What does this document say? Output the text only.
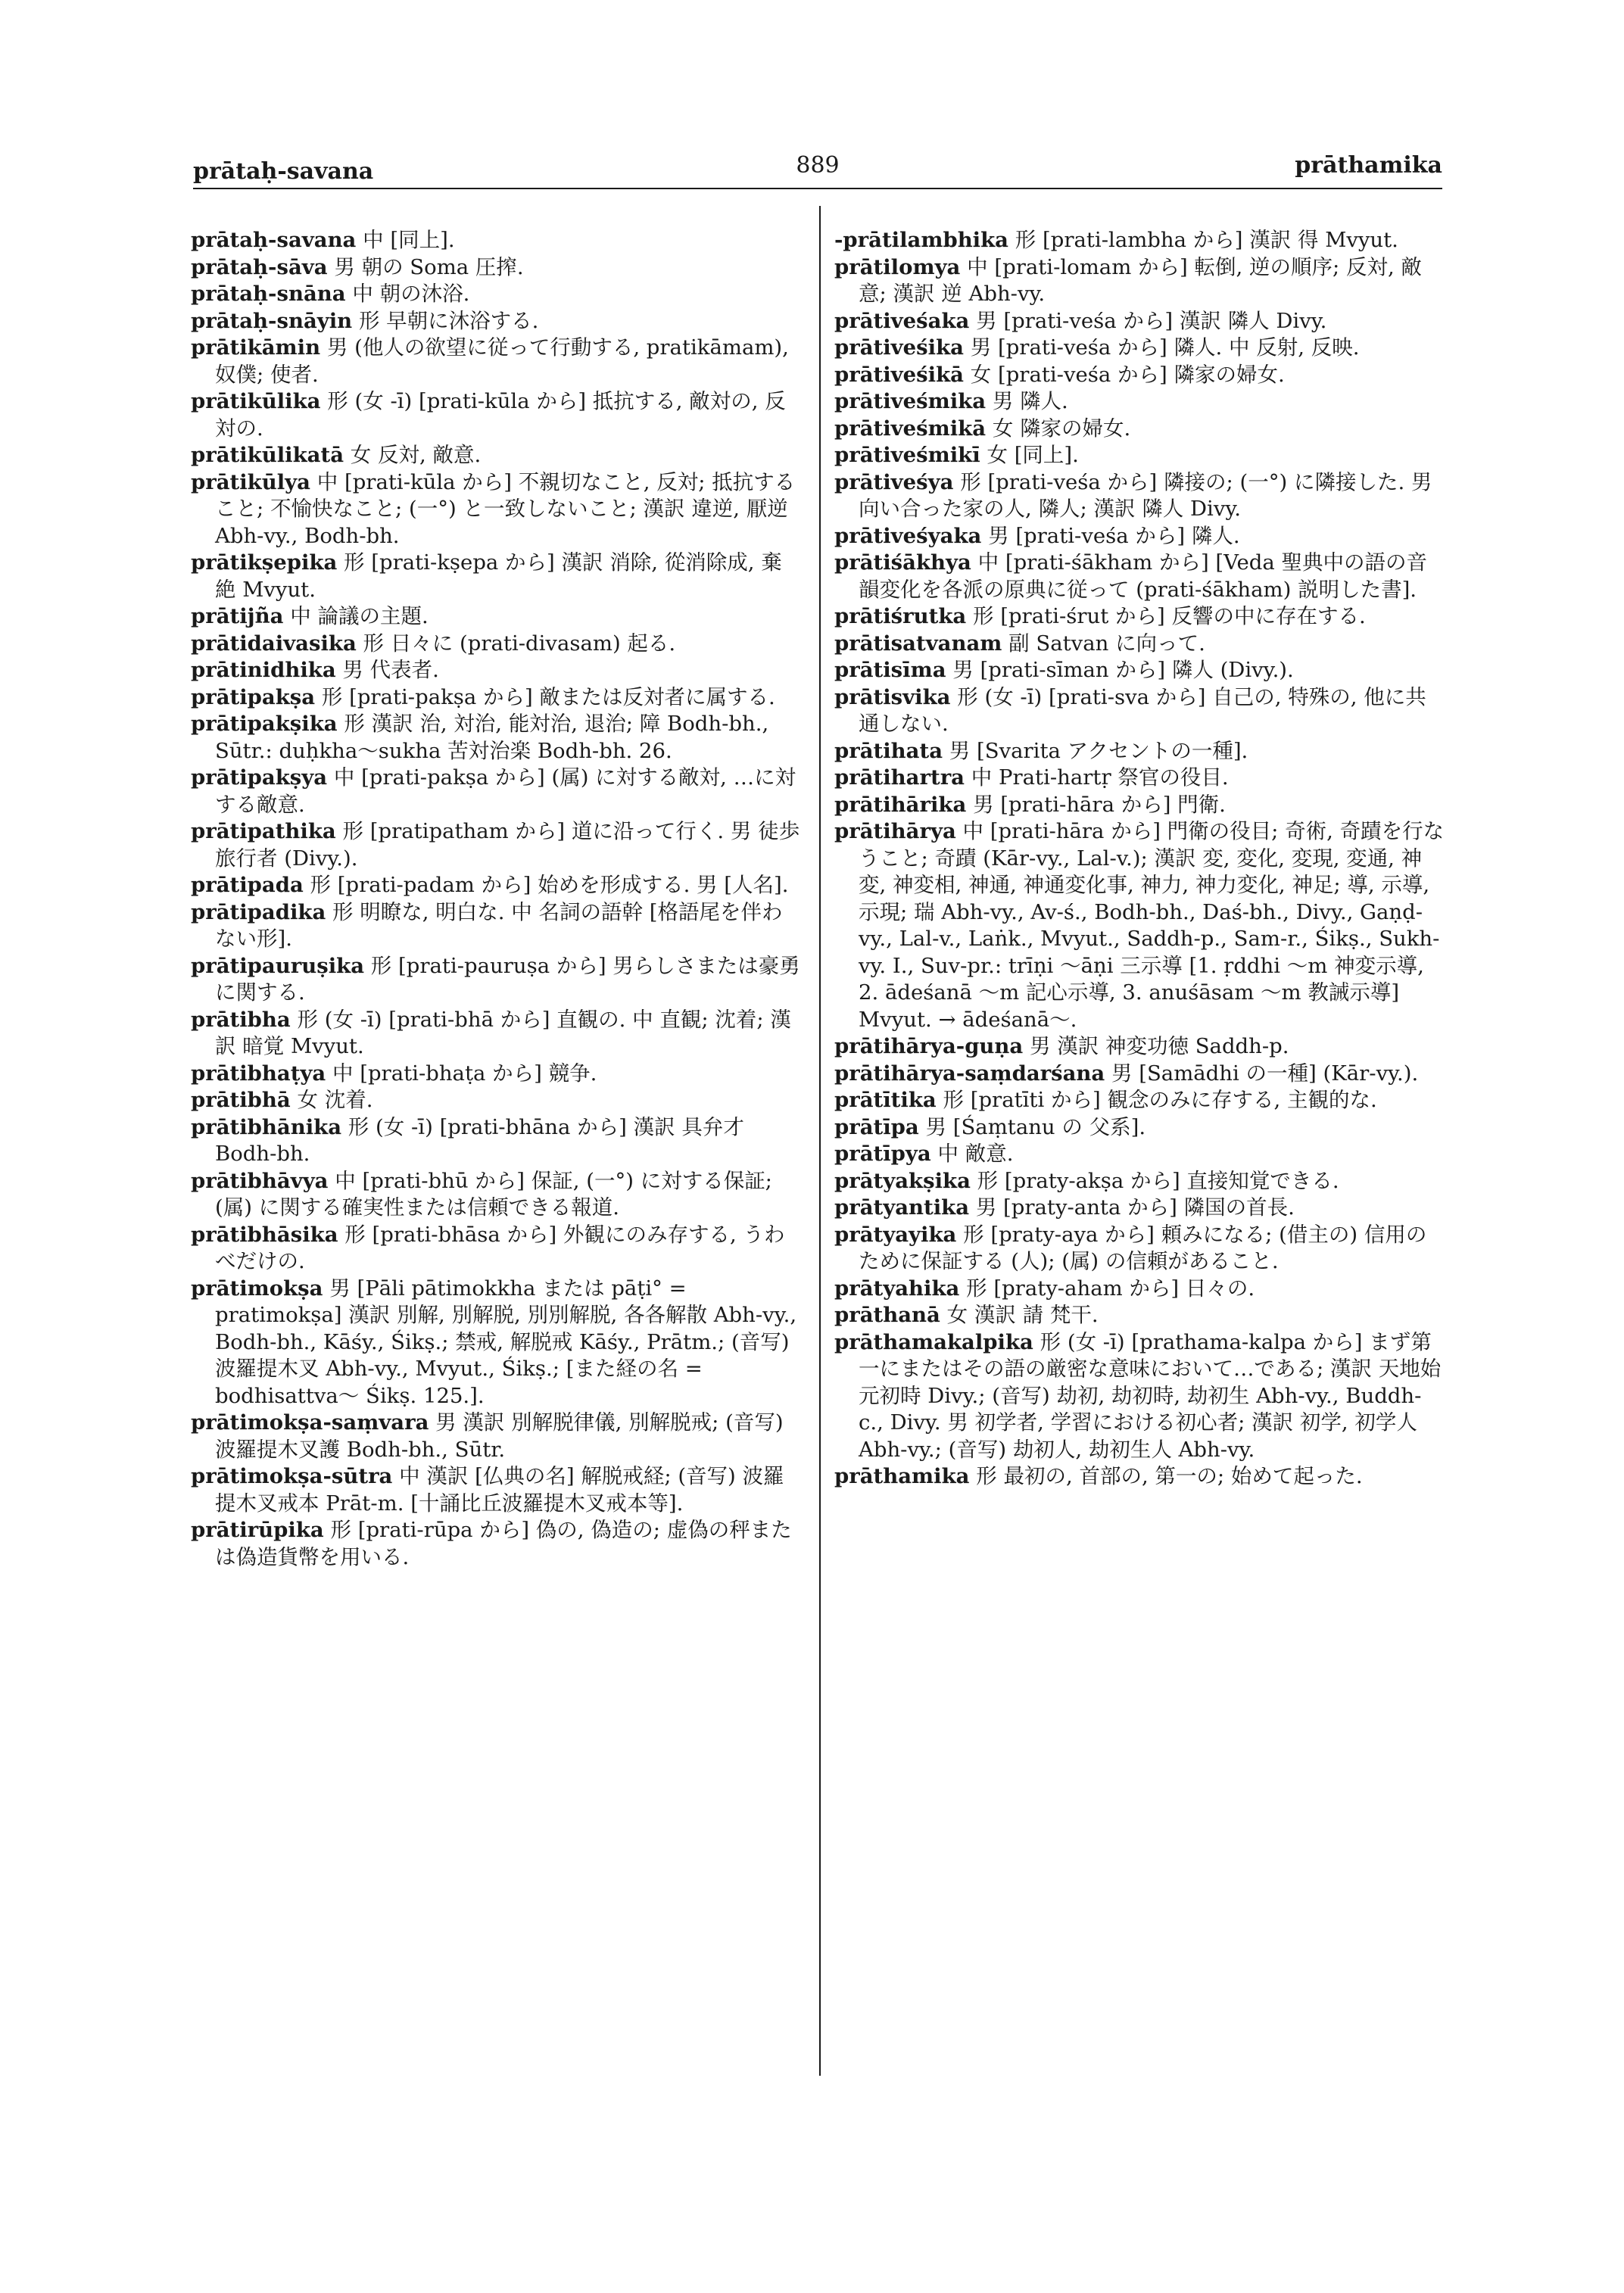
prātaḥ-savana	889	prāthamika
prātaḥ-savana 中 [同上].
prātaḥ-sāva 男 朝の Soma 圧搾.
prātaḥ-snāna 中 朝の沐浴.
prātaḥ-snāyin 形 早朝に沐浴する.
prātikāmin 男 (他人の欲望に従って行動する, pratikāmam), 奴僕; 使者.
prātikūlika 形 (女 -ī) [prati-kūla から] 抵抗する, 敵対の, 反対の.
prātikūlikatā 女 反対, 敵意.
prātikūlya 中 [prati-kūla から] 不親切なこと, 反対; 抵抗すること; 不愉快なこと; (一°) と一致しないこと; 漢訳 違逆, 厭逆 Abh-vy., Bodh-bh.
prātikṣepika 形 [prati-kṣepa から] 漢訳 消除, 從消除成, 棄絶 Mvyut.
prātijña 中 論議の主題.
prātidaivasika 形 日々に (prati-divasam) 起る.
prātinidhika 男 代表者.
prātipakṣa 形 [prati-pakṣa から] 敵または反対者に属する.
prātipakṣika 形 漢訳 治, 対治, 能対治, 退治; 障 Bodh-bh., Sūtr.: duḥkha～sukha 苦対治楽 Bodh-bh. 26.
prātipakṣya 中 [prati-pakṣa から] (属) に対する敵対, …に対する敵意.
prātipathika 形 [pratipatham から] 道に沿って行く. 男 徒歩旅行者 (Divy.).
prātipada 形 [prati-padam から] 始めを形成する. 男 [人名].
prātipadika 形 明瞭な, 明白な. 中 名詞の語幹 [格語尾を伴わない形].
prātipauruṣika 形 [prati-pauruṣa から] 男らしさまたは豪勇に関する.
prātibha 形 (女 -ī) [prati-bhā から] 直観の. 中 直観; 沈着; 漢訳 暗覚 Mvyut.
prātibhaṭya 中 [prati-bhaṭa から] 競争.
prātibhā 女 沈着.
prātibhānika 形 (女 -ī) [prati-bhāna から] 漢訳 具弁才 Bodh-bh.
prātibhāvya 中 [prati-bhū から] 保証, (一°) に対する保証; (属) に関する確実性または信頼できる報道.
prātibhāsika 形 [prati-bhāsa から] 外観にのみ存する, うわべだけの.
prātimokṣa 男 [Pāli pātimokkha または pāṭi° = pratimokṣa] 漢訳 別解, 別解脱, 別別解脱, 各各解散 Abh-vy., Bodh-bh., Kāśy., Śikṣ.; 禁戒, 解脱戒 Kāśy., Prātm.; (音写) 波羅提木叉 Abh-vy., Mvyut., Śikṣ.; [また経の名 = bodhisattva～ Śikṣ. 125.].
prātimokṣa-saṃvara 男 漢訳 別解脱律儀, 別解脱戒; (音写) 波羅提木叉護 Bodh-bh., Sūtr.
prātimokṣa-sūtra 中 漢訳 [仏典の名] 解脱戒経; (音写) 波羅提木叉戒本 Prāt-m. [十誦比丘波羅提木叉戒本等].
prātirūpika 形 [prati-rūpa から] 偽の, 偽造の; 虚偽の秤または偽造貨幣を用いる.
-prātilambhika 形 [prati-lambha から] 漢訳 得 Mvyut.
prātilomya 中 [prati-lomam から] 転倒, 逆の順序; 反対, 敵意; 漢訳 逆 Abh-vy.
prātiveśaka 男 [prati-veśa から] 漢訳 隣人 Divy.
prātiveśika 男 [prati-veśa から] 隣人. 中 反射, 反映.
prātiveśikā 女 [prati-veśa から] 隣家の婦女.
prātiveśmika 男 隣人.
prātiveśmikā 女 隣家の婦女.
prātiveśmikī 女 [同上].
prātiveśya 形 [prati-veśa から] 隣接の; (一°) に隣接した. 男 向い合った家の人, 隣人; 漢訳 隣人 Divy.
prātiveśyaka 男 [prati-veśa から] 隣人.
prātiśākhya 中 [prati-śākham から] [Veda 聖典中の語の音韻変化を各派の原典に従って (prati-śākham) 説明した書].
prātiśrutka 形 [prati-śrut から] 反響の中に存在する.
prātisatvanam 副 Satvan に向って.
prātisīma 男 [prati-sīman から] 隣人 (Divy.).
prātisvika 形 (女 -ī) [prati-sva から] 自己の, 特殊の, 他に共通しない.
prātihata 男 [Svarita アクセントの一種].
prātihartra 中 Prati-hartṛ 祭官の役目.
prātihārika 男 [prati-hāra から] 門衛.
prātihārya 中 [prati-hāra から] 門衛の役目; 奇術, 奇蹟を行なうこと; 奇蹟 (Kār-vy., Lal-v.); 漢訳 変, 変化, 変現, 変通, 神変, 神変相, 神通, 神通変化事, 神力, 神力変化, 神足; 導, 示導, 示現; 瑞 Abh-vy., Av-ś., Bodh-bh., Daś-bh., Divy., Gaṇḍ-vy., Lal-v., Laṅk., Mvyut., Saddh-p., Sam-r., Śikṣ., Sukh-vy. I., Suv-pr.: trīṇi ～āṇi 三示導 [1. ṛddhi ～m 神変示導, 2. ādeśanā ～m 記心示導, 3. anuśāsam ～m 教誡示導] Mvyut. → ādeśanā～.
prātihārya-guṇa 男 漢訳 神変功徳 Saddh-p.
prātihārya-saṃdarśana 男 [Samādhi の一種] (Kār-vy.).
prātītika 形 [pratīti から] 観念のみに存する, 主観的な.
prātīpa 男 [Śaṃtanu の 父系].
prātīpya 中 敵意.
prātyakṣika 形 [praty-akṣa から] 直接知覚できる.
prātyantika 男 [praty-anta から] 隣国の首長.
prātyayika 形 [praty-aya から] 頼みになる; (借主の) 信用のために保証する (人); (属) の信頼があること.
prātyahika 形 [praty-aham から] 日々の.
prāthanā 女 漢訳 請 梵干.
prāthamakalpika 形 (女 -ī) [prathama-kalpa から] まず第一にまたはその語の厳密な意味において…である; 漢訳 天地始元初時 Divy.; (音写) 劫初, 劫初時, 劫初生 Abh-vy., Buddh-c., Divy. 男 初学者, 学習における初心者; 漢訳 初学, 初学人 Abh-vy.; (音写) 劫初人, 劫初生人 Abh-vy.
prāthamika 形 最初の, 首部の, 第一の; 始めて起った.
